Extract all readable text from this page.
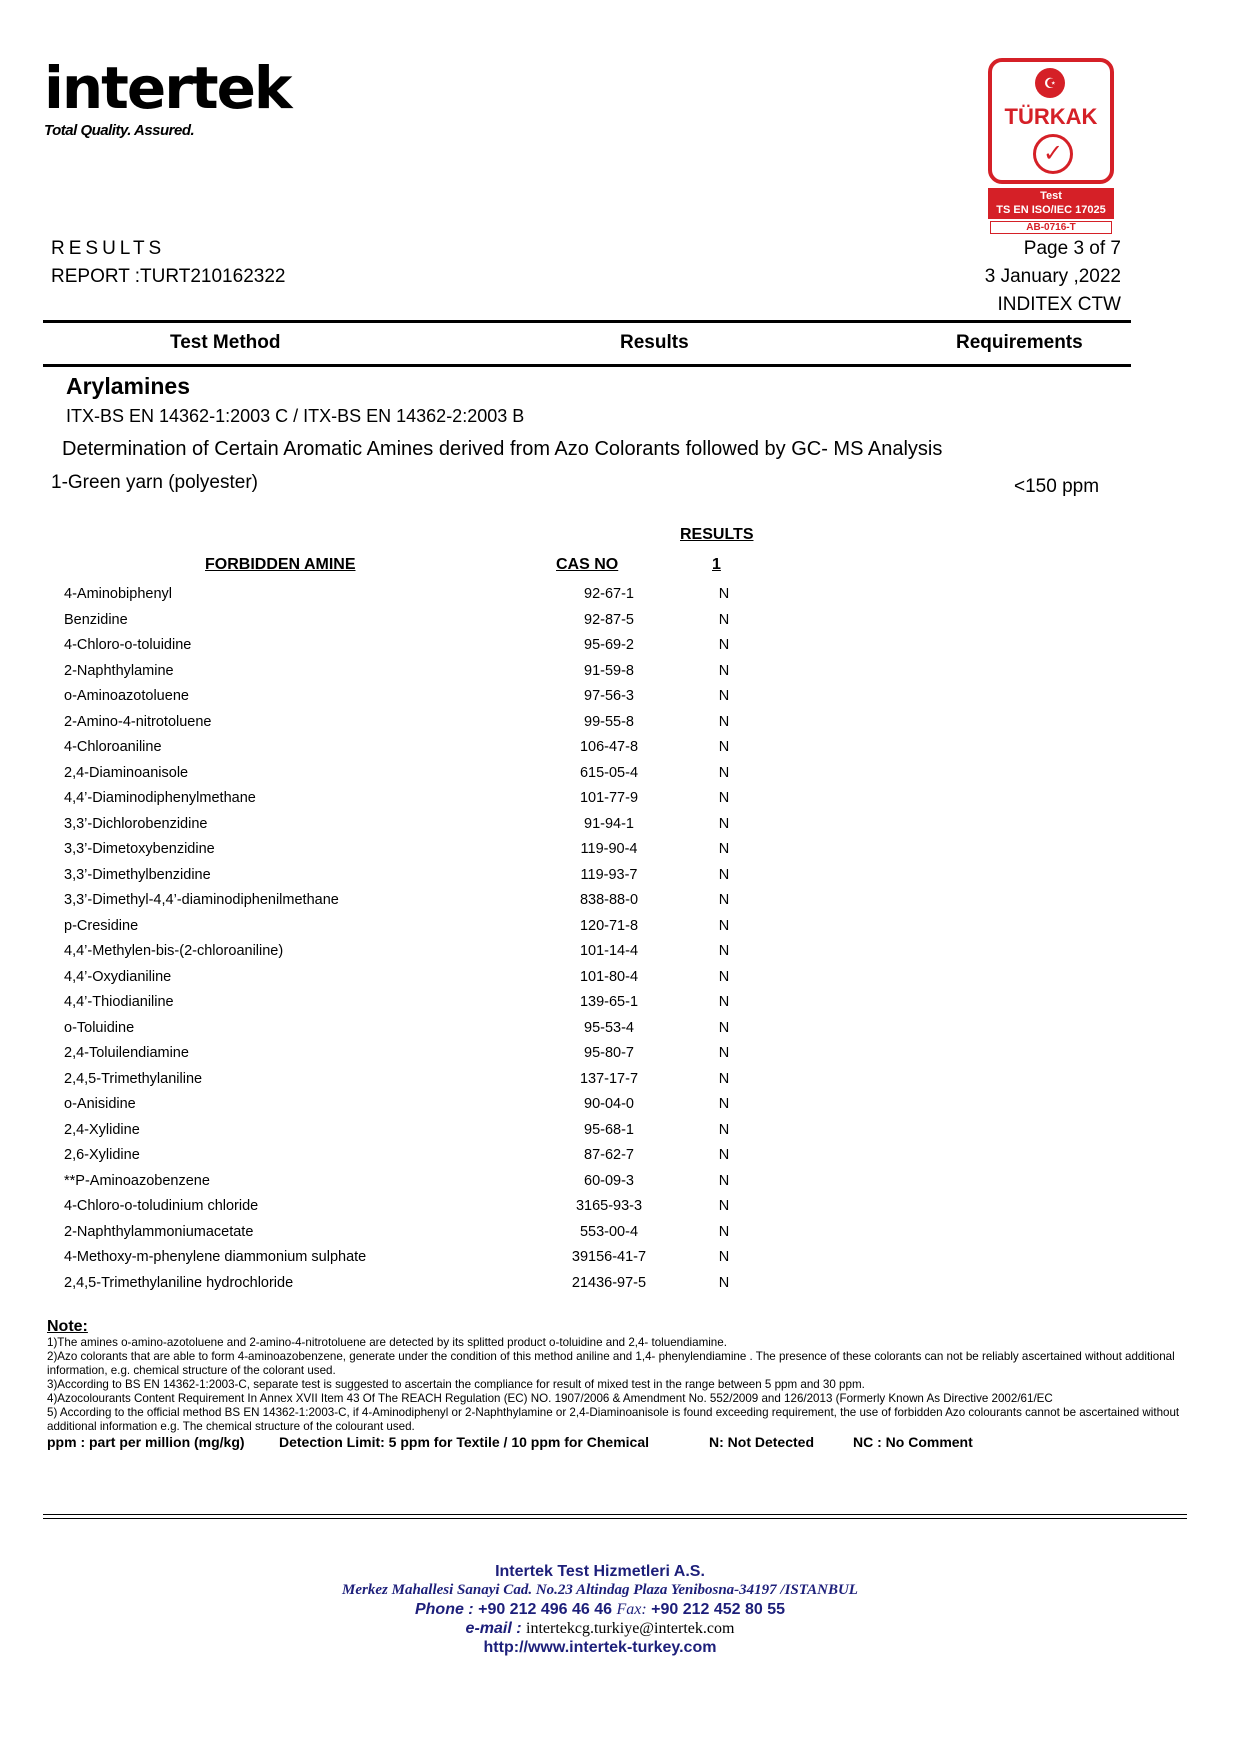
intertek
Total Quality. Assured.
☪
TÜRKAK
✓
Test
TS EN ISO/IEC 17025
AB-0716-T
RESULTS
REPORT :TURT210162322
Page 3 of 7
3 January ,2022
INDITEX CTW
Test Method	Results	Requirements
Arylamines
ITX-BS EN 14362-1:2003 C / ITX-BS EN 14362-2:2003 B
Determination of Certain Aromatic Amines derived from Azo Colorants followed by GC- MS Analysis
1-Green yarn (polyester)	<150 ppm
RESULTS
FORBIDDEN AMINE	CAS NO	1
4-Aminobiphenyl	92-67-1	N
Benzidine	92-87-5	N
4-Chloro-o-toluidine	95-69-2	N
2-Naphthylamine	91-59-8	N
o-Aminoazotoluene	97-56-3	N
2-Amino-4-nitrotoluene	99-55-8	N
4-Chloroaniline	106-47-8	N
2,4-Diaminoanisole	615-05-4	N
4,4’-Diaminodiphenylmethane	101-77-9	N
3,3’-Dichlorobenzidine	91-94-1	N
3,3’-Dimetoxybenzidine	119-90-4	N
3,3’-Dimethylbenzidine	119-93-7	N
3,3’-Dimethyl-4,4’-diaminodiphenilmethane	838-88-0	N
p-Cresidine	120-71-8	N
4,4’-Methylen-bis-(2-chloroaniline)	101-14-4	N
4,4’-Oxydianiline	101-80-4	N
4,4’-Thiodianiline	139-65-1	N
o-Toluidine	95-53-4	N
2,4-Toluilendiamine	95-80-7	N
2,4,5-Trimethylaniline	137-17-7	N
o-Anisidine	90-04-0	N
2,4-Xylidine	95-68-1	N
2,6-Xylidine	87-62-7	N
**P-Aminoazobenzene	60-09-3	N
4-Chloro-o-toludinium chloride	3165-93-3	N
2-Naphthylammoniumacetate	553-00-4	N
4-Methoxy-m-phenylene diammonium sulphate	39156-41-7	N
2,4,5-Trimethylaniline hydrochloride	21436-97-5	N
Note:
1)The amines o-amino-azotoluene and 2-amino-4-nitrotoluene are detected by its splitted product o-toluidine and 2,4- toluendiamine.
2)Azo colorants that are able to form 4-aminoazobenzene, generate under the condition of this method aniline and 1,4- phenylendiamine . The presence of these colorants can not be reliably ascertained without additional information, e.g. chemical structure of the colorant used.
3)According to BS EN 14362-1:2003-C, separate test is suggested to ascertain the compliance for result of mixed test in the range between 5 ppm and 30 ppm.
4)Azocolourants Content Requirement In Annex XVII Item 43 Of The REACH Regulation (EC) NO. 1907/2006 & Amendment No. 552/2009 and 126/2013 (Formerly Known As Directive 2002/61/EC
5) According to the official method BS EN 14362-1:2003-C, if 4-Aminodiphenyl or 2-Naphthylamine or 2,4-Diaminoanisole is found exceeding requirement, the use of forbidden Azo colourants cannot be ascertained without additional information e.g. The chemical structure of the colourant used.
ppm : part per million (mg/kg) Detection Limit: 5 ppm for Textile / 10 ppm for Chemical	N: Not Detected	NC : No Comment
Intertek Test Hizmetleri A.S.
Merkez Mahallesi Sanayi Cad. No.23 Altindag Plaza Yenibosna-34197 /ISTANBUL
Phone : +90 212 496 46 46 Fax: +90 212 452 80 55
e-mail : intertekcg.turkiye@intertek.com
http://www.intertek-turkey.com
